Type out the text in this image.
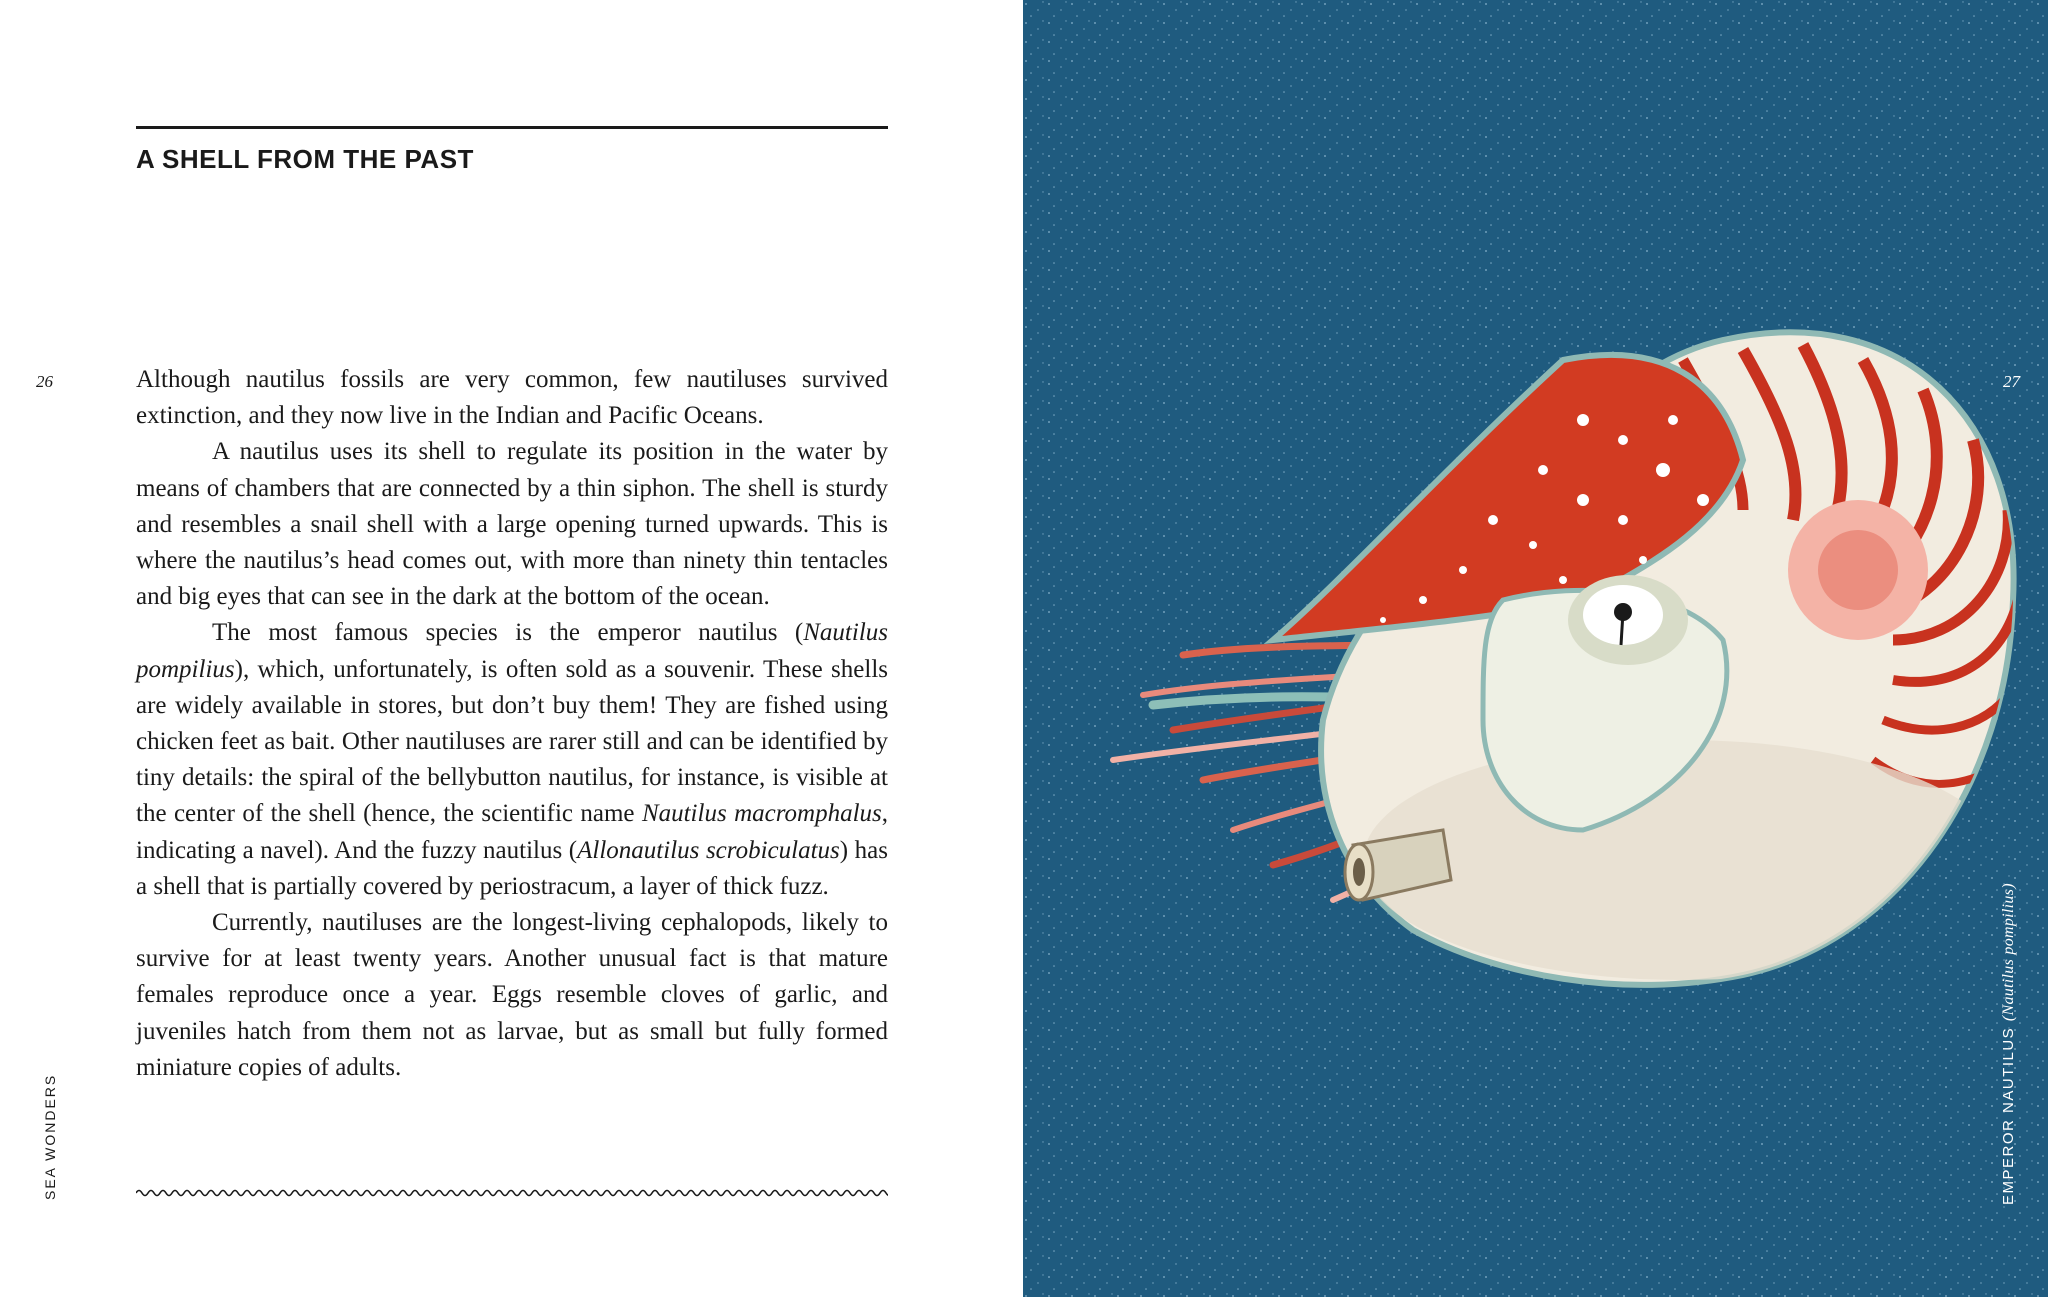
A SHELL FROM THE PAST
26
SEA WONDERS

Although nautilus fossils are very common, few nautiluses survived extinction, and they now live in the Indian and Pacific Oceans.

A nautilus uses its shell to regulate its position in the water by means of chambers that are connected by a thin siphon. The shell is sturdy and resembles a snail shell with a large opening turned upwards. This is where the nautilus’s head comes out, with more than ninety thin tentacles and big eyes that can see in the dark at the bottom of the ocean.

The most famous species is the emperor nautilus (Nautilus pompilius), which, unfortunately, is often sold as a souvenir. These shells are widely available in stores, but don’t buy them! They are fished using chicken feet as bait. Other nautiluses are rarer still and can be identified by tiny details: the spiral of the bellybutton nautilus, for instance, is visible at the center of the shell (hence, the scientific name Nautilus macromphalus, indicating a navel). And the fuzzy nautilus (Allonautilus scrobiculatus) has a shell that is partially covered by periostracum, a layer of thick fuzz.

Currently, nautiluses are the longest-living cephalopods, likely to survive for at least twenty years. Another unusual fact is that mature females reproduce once a year. Eggs resemble cloves of garlic, and juveniles hatch from them not as larvae, but as small but fully formed miniature copies of adults.

27
EMPEROR NAUTILUS (Nautilus pompilius)
